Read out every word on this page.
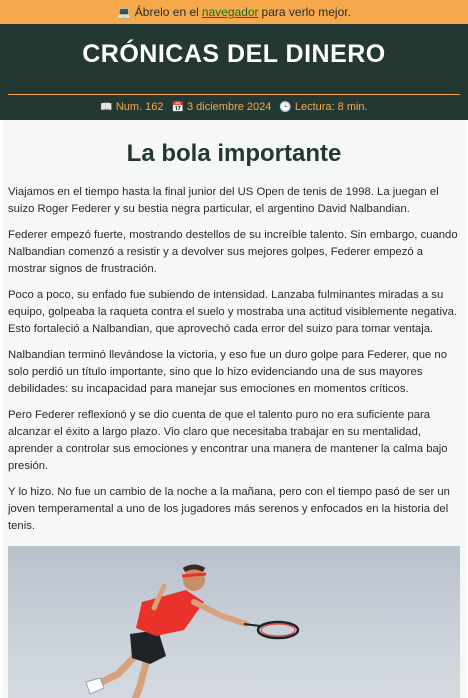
💻 Ábrelo en el navegador para verlo mejor.
CRÓNICAS DEL DINERO
📖 Num. 162 📅 3 diciembre 2024 🕒 Lectura: 8 min.
La bola importante

Viajamos en el tiempo hasta la final junior del US Open de tenis de 1998. La juegan el suizo Roger Federer y su bestia negra particular, el argentino David Nalbandian.

Federer empezó fuerte, mostrando destellos de su increíble talento. Sin embargo, cuando Nalbandian comenzó a resistir y a devolver sus mejores golpes, Federer empezó a mostrar signos de frustración.

Poco a poco, su enfado fue subiendo de intensidad. Lanzaba fulminantes miradas a su equipo, golpeaba la raqueta contra el suelo y mostraba una actitud visiblemente negativa. Esto fortaleció a Nalbandian, que aprovechó cada error del suizo para tomar ventaja.

Nalbandian terminó llevándose la victoria, y eso fue un duro golpe para Federer, que no solo perdió un título importante, sino que lo hizo evidenciando una de sus mayores debilidades: su incapacidad para manejar sus emociones en momentos críticos.

Pero Federer reflexionó y se dio cuenta de que el talento puro no era suficiente para alcanzar el éxito a largo plazo. Vio claro que necesitaba trabajar en su mentalidad, aprender a controlar sus emociones y encontrar una manera de mantener la calma bajo presión.

Y lo hizo. No fue un cambio de la noche a la mañana, pero con el tiempo pasó de ser un joven temperamental a uno de los jugadores más serenos y enfocados en la historia del tenis.
